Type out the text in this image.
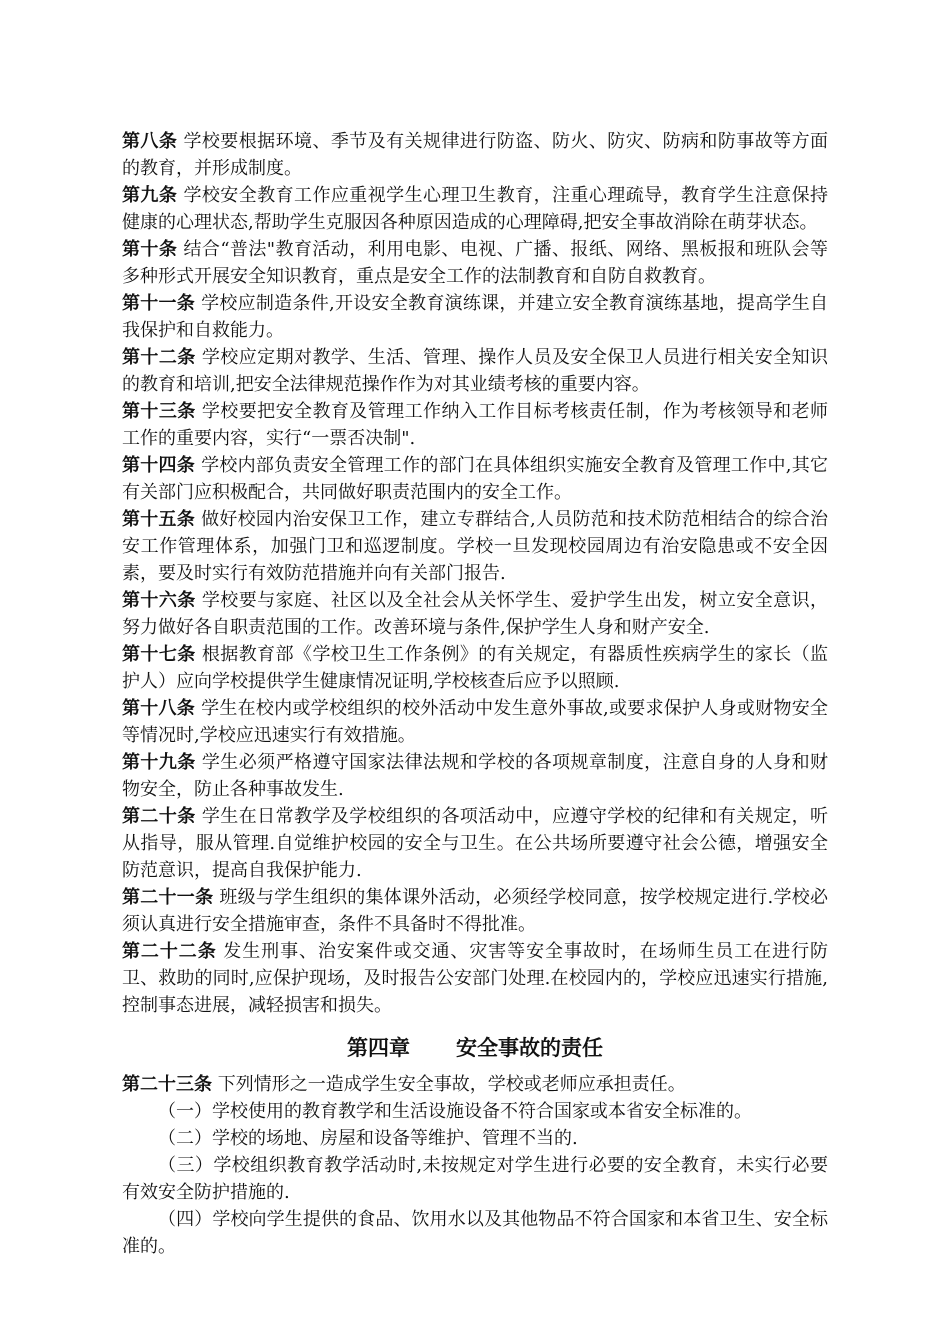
第八条 学校要根据环境、季节及有关规律进行防盗、防火、防灾、防病和防事故等方面的教育，并形成制度。

第九条 学校安全教育工作应重视学生心理卫生教育，注重心理疏导，教育学生注意保持健康的心理状态,帮助学生克服因各种原因造成的心理障碍,把安全事故消除在萌芽状态。

第十条 结合“普法"教育活动，利用电影、电视、广播、报纸、网络、黑板报和班队会等多种形式开展安全知识教育，重点是安全工作的法制教育和自防自救教育。

第十一条 学校应制造条件,开设安全教育演练课，并建立安全教育演练基地，提高学生自我保护和自救能力。

第十二条 学校应定期对教学、生活、管理、操作人员及安全保卫人员进行相关安全知识的教育和培训,把安全法律规范操作作为对其业绩考核的重要内容。

第十三条 学校要把安全教育及管理工作纳入工作目标考核责任制，作为考核领导和老师工作的重要内容，实行“一票否决制".

第十四条 学校内部负责安全管理工作的部门在具体组织实施安全教育及管理工作中,其它有关部门应积极配合，共同做好职责范围内的安全工作。

第十五条 做好校园内治安保卫工作，建立专群结合,人员防范和技术防范相结合的综合治安工作管理体系，加强门卫和巡逻制度。学校一旦发现校园周边有治安隐患或不安全因素，要及时实行有效防范措施并向有关部门报告.

第十六条 学校要与家庭、社区以及全社会从关怀学生、爱护学生出发，树立安全意识，努力做好各自职责范围的工作。改善环境与条件,保护学生人身和财产安全.

第十七条 根据教育部《学校卫生工作条例》的有关规定，有器质性疾病学生的家长（监护人）应向学校提供学生健康情况证明,学校核查后应予以照顾.

第十八条 学生在校内或学校组织的校外活动中发生意外事故,或要求保护人身或财物安全等情况时,学校应迅速实行有效措施。

第十九条 学生必须严格遵守国家法律法规和学校的各项规章制度，注意自身的人身和财物安全，防止各种事故发生.

第二十条 学生在日常教学及学校组织的各项活动中，应遵守学校的纪律和有关规定，听从指导，服从管理.自觉维护校园的安全与卫生。在公共场所要遵守社会公德，增强安全防范意识，提高自我保护能力.

第二十一条 班级与学生组织的集体课外活动，必须经学校同意，按学校规定进行.学校必须认真进行安全措施审查，条件不具备时不得批准。

第二十二条 发生刑事、治安案件或交通、灾害等安全事故时，在场师生员工在进行防卫、救助的同时,应保护现场，及时报告公安部门处理.在校园内的，学校应迅速实行措施,控制事态进展，减轻损害和损失。

第四章 安全事故的责任

第二十三条 下列情形之一造成学生安全事故，学校或老师应承担责任。

（一）学校使用的教育教学和生活设施设备不符合国家或本省安全标准的。

（二）学校的场地、房屋和设备等维护、管理不当的.

（三）学校组织教育教学活动时,未按规定对学生进行必要的安全教育，未实行必要有效安全防护措施的.

（四）学校向学生提供的食品、饮用水以及其他物品不符合国家和本省卫生、安全标准的。
